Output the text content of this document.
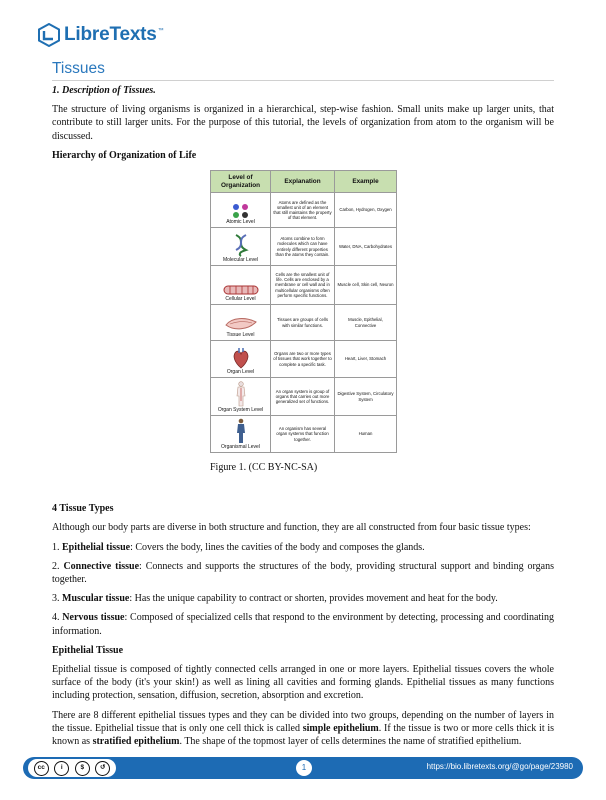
LibreTexts ™
Tissues

1. Description of Tissues.

The structure of living organisms is organized in a hierarchical, step-wise fashion. Small units make up larger units, that contribute to still larger units. For the purpose of this tutorial, the levels of organization from atom to the organism will be discussed.

Hierarchy of Organization of Life

Level of Organization	Explanation	Example

Atomic Level	Atoms are defined as the smallest unit of an element that still maintains the property of that element.	Carbon, Hydrogen, Oxygen

Molecular Level	Atoms combine to form molecules which can have entirely different properties than the atoms they contain.	Water, DNA, Carbohydrates

Cellular Level	Cells are the smallest unit of life. Cells are enclosed by a membrane or cell wall and in multicellular organisms often perform specific functions.	Muscle cell, Skin cell, Neuron

Tissue Level	Tissues are groups of cells with similar functions.	Muscle, Epithelial, Connective

Organ Level	Organs are two or more types of tissues that work together to complete a specific task.	Heart, Liver, Stomach

Organ System Level	An organ system is group of organs that carries out more generalized set of functions.	Digestive System, Circulatory System

Organismal Level	An organism has several organ systems that function together.	Human

Figure 1. (CC BY-NC-SA)

4 Tissue Types

Although our body parts are diverse in both structure and function, they are all constructed from four basic tissue types:

1. Epithelial tissue: Covers the body, lines the cavities of the body and composes the glands.

2. Connective tissue: Connects and supports the structures of the body, providing structural support and binding organs together.

3. Muscular tissue: Has the unique capability to contract or shorten, provides movement and heat for the body.

4. Nervous tissue: Composed of specialized cells that respond to the environment by detecting, processing and coordinating information.

Epithelial Tissue

Epithelial tissue is composed of tightly connected cells arranged in one or more layers. Epithelial tissues covers the whole surface of the body (it's your skin!) as well as lining all cavities and forming glands. Epithelial tissues as many functions including protection, sensation, diffusion, secretion, absorption and excretion.

There are 8 different epithelial tissues types and they can be divided into two groups, depending on the number of layers in the tissue. Epithelial tissue that is only one cell thick is called simple epithelium. If the tissue is two or more cells thick it is known as stratified epithelium. The shape of the topmost layer of cells determines the name of stratified epithelium.

cc	i	$	↺	1	https://bio.libretexts.org/@go/page/23980
